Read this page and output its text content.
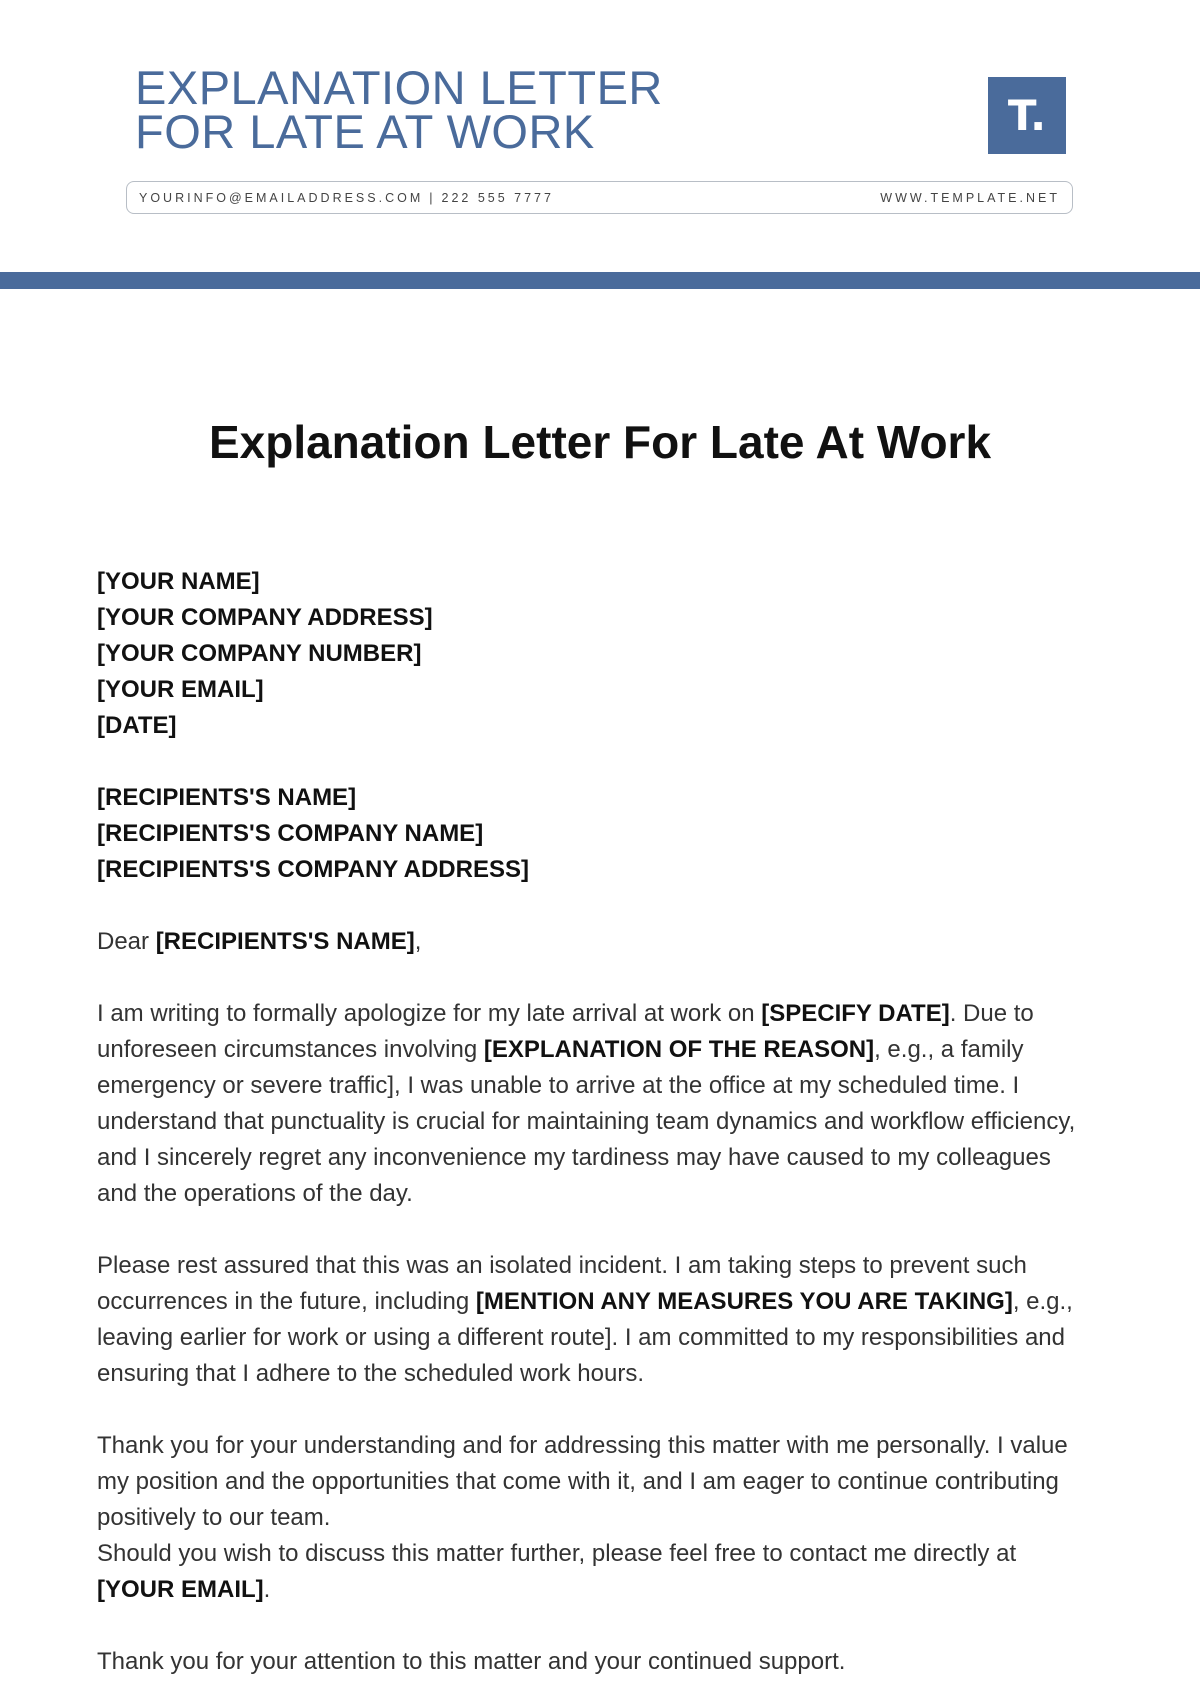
EXPLANATION LETTER
FOR LATE AT WORK	T.
YOURINFO@EMAILADDRESS.COM | 222 555 7777	WWW.TEMPLATE.NET
Explanation Letter For Late At Work

[YOUR NAME]

[YOUR COMPANY ADDRESS]

[YOUR COMPANY NUMBER]

[YOUR EMAIL]

[DATE]

[RECIPIENTS'S NAME]

[RECIPIENTS'S COMPANY NAME]

[RECIPIENTS'S COMPANY ADDRESS]

Dear [RECIPIENTS'S NAME],

I am writing to formally apologize for my late arrival at work on [SPECIFY DATE]. Due to unforeseen circumstances involving [EXPLANATION OF THE REASON], e.g., a family emergency or severe traffic], I was unable to arrive at the office at my scheduled time. I understand that punctuality is crucial for maintaining team dynamics and workflow efficiency, and I sincerely regret any inconvenience my tardiness may have caused to my colleagues and the operations of the day.

Please rest assured that this was an isolated incident. I am taking steps to prevent such occurrences in the future, including [MENTION ANY MEASURES YOU ARE TAKING], e.g., leaving earlier for work or using a different route]. I am committed to my responsibilities and ensuring that I adhere to the scheduled work hours.

Thank you for your understanding and for addressing this matter with me personally. I value my position and the opportunities that come with it, and I am eager to continue contributing positively to our team.

Should you wish to discuss this matter further, please feel free to contact me directly at [YOUR EMAIL].

Thank you for your attention to this matter and your continued support.
